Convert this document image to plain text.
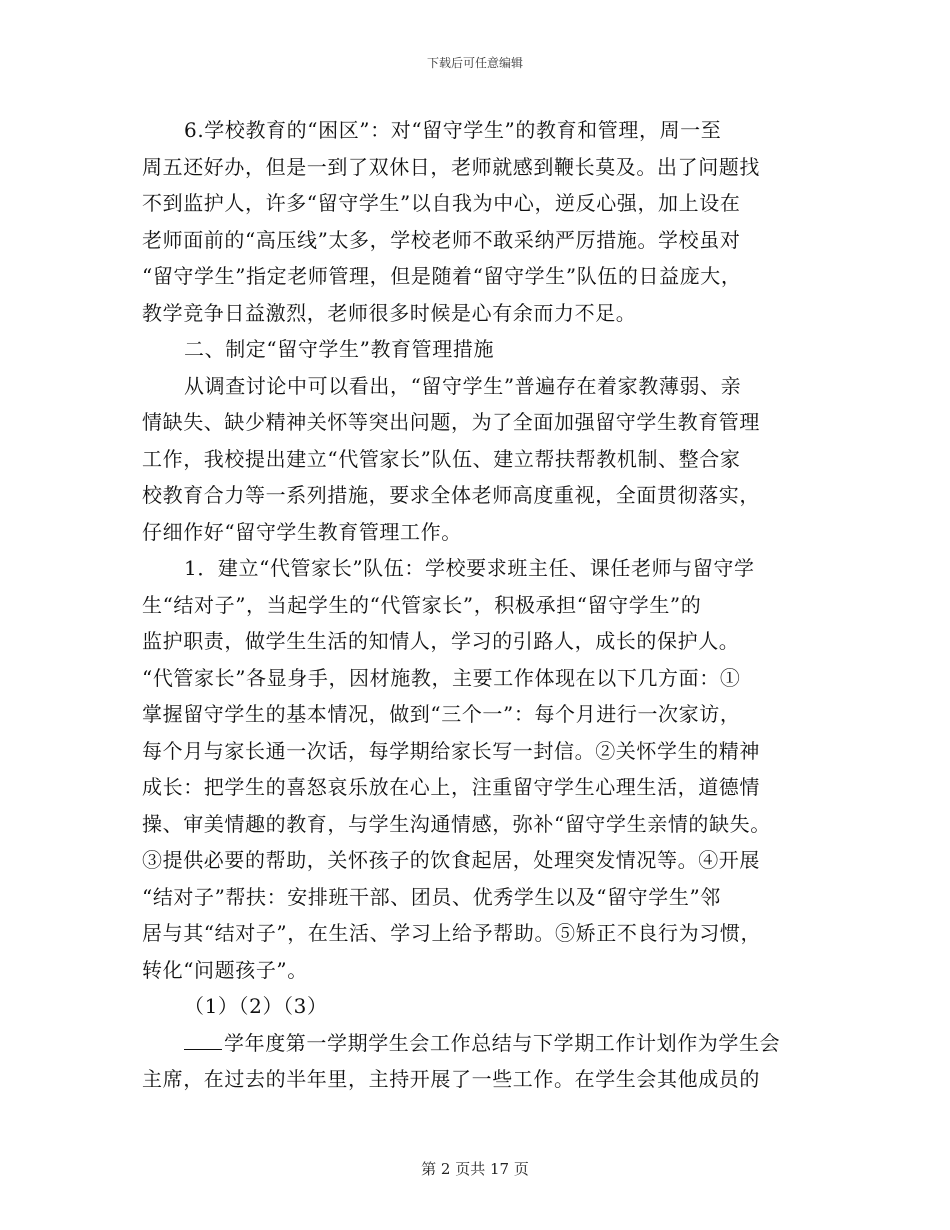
下载后可任意编辑
6.学校教育的“困区”：对“留守学生”的教育和管理，周一至
周五还好办，但是一到了双休日，老师就感到鞭长莫及。出了问题找
不到监护人，许多“留守学生”以自我为中心，逆反心强，加上设在
老师面前的“高压线”太多，学校老师不敢采纳严厉措施。学校虽对
“留守学生”指定老师管理，但是随着“留守学生”队伍的日益庞大，
教学竞争日益激烈，老师很多时候是心有余而力不足。
二、制定“留守学生”教育管理措施
从调查讨论中可以看出，“留守学生”普遍存在着家教薄弱、亲
情缺失、缺少精神关怀等突出问题，为了全面加强留守学生教育管理
工作，我校提出建立“代管家长”队伍、建立帮扶帮教机制、整合家
校教育合力等一系列措施，要求全体老师高度重视，全面贯彻落实，
仔细作好“留守学生教育管理工作。
1．建立“代管家长”队伍：学校要求班主任、课任老师与留守学
生“结对子”，当起学生的“代管家长”，积极承担“留守学生”的
监护职责，做学生生活的知情人，学习的引路人，成长的保护人。
“代管家长”各显身手，因材施教，主要工作体现在以下几方面：①
掌握留守学生的基本情况，做到“三个一”：每个月进行一次家访，
每个月与家长通一次话，每学期给家长写一封信。②关怀学生的精神
成长：把学生的喜怒哀乐放在心上，注重留守学生心理生活，道德情
操、审美情趣的教育，与学生沟通情感，弥补“留守学生亲情的缺失。
③提供必要的帮助，关怀孩子的饮食起居，处理突发情况等。④开展
“结对子”帮扶：安排班干部、团员、优秀学生以及“留守学生”邻
居与其“结对子”，在生活、学习上给予帮助。⑤矫正不良行为习惯，
转化“问题孩子”。
（1）（2）（3）
学年度第一学期学生会工作总结与下学期工作计划作为学生会
主席，在过去的半年里，主持开展了一些工作。在学生会其他成员的
第 2 页共 17 页
